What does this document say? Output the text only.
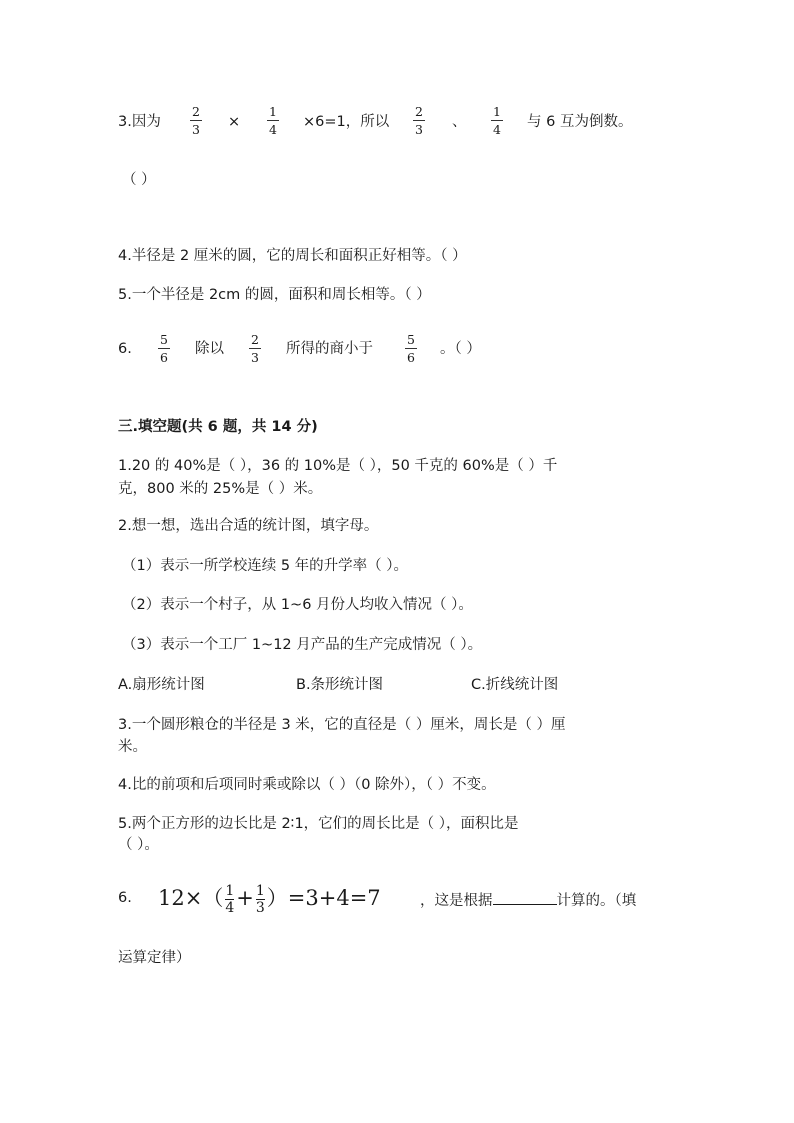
3.因为
2
3 ×
1
4 ×6=1，所以
2
3 、
1
4 与 6 互为倒数。
（ ）
4.半径是 2 厘米的圆，它的周长和面积正好相等。（ ）
5.一个半径是 2cm 的圆，面积和周长相等。（ ）
6.
5
6
除以
2
3
所得的商小于
5
6
。（ ）
三.填空题(共 6 题，共 14 分)
1.20 的 40%是（ ），36 的 10%是（ ），50 千克的 60%是（ ）千
克，800 米的 25%是（ ）米。
2.想一想，选出合适的统计图，填字母。
（1）表示一所学校连续 5 年的升学率（ ）。
（2）表示一个村子，从 1~6 月份人均收入情况（ ）。
（3）表示一个工厂 1~12 月产品的生产完成情况（ ）。
A.扇形统计图	B.条形统计图	C.折线统计图
3.一个圆形粮仓的半径是 3 米，它的直径是（ ）厘米，周长是（ ）厘
米。
4.比的前项和后项同时乘或除以（ ）（0 除外），（ ）不变。
5.两个正方形的边长比是 2∶1，它们的周长比是（ ），面积比是
（ ）。
6. $12\times( \frac{1}{4} + \frac{1}{3} )=3+4=7$	，这是根据	计算的。（填
运算定律）
